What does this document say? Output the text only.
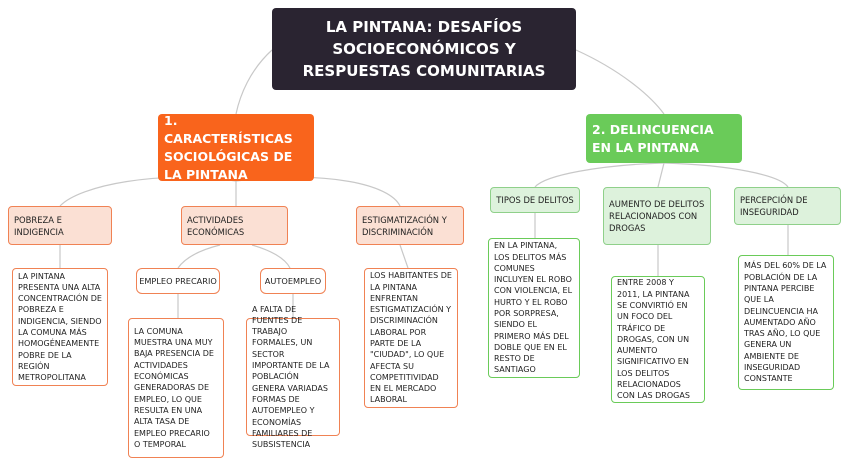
LA PINTANA: DESAFÍOS SOCIOECONÓMICOS Y RESPUESTAS COMUNITARIAS
1. CARACTERÍSTICAS SOCIOLÓGICAS DE LA PINTANA
2. DELINCUENCIA EN LA PINTANA
POBREZA E INDIGENCIA
ACTIVIDADES ECONÓMICAS
ESTIGMATIZACIÓN Y DISCRIMINACIÓN
EMPLEO PRECARIO	AUTOEMPLEO
LA PINTANA PRESENTA UNA ALTA CONCENTRACIÓN DE POBREZA E INDIGENCIA, SIENDO LA COMUNA MÁS HOMOGÉNEAMENTE POBRE DE LA REGIÓN METROPOLITANA
LA COMUNA MUESTRA UNA MUY BAJA PRESENCIA DE ACTIVIDADES ECONÓMICAS GENERADORAS DE EMPLEO, LO QUE RESULTA EN UNA ALTA TASA DE EMPLEO PRECARIO O TEMPORAL
A FALTA DE FUENTES DE TRABAJO FORMALES, UN SECTOR IMPORTANTE DE LA POBLACIÓN GENERA VARIADAS FORMAS DE AUTOEMPLEO Y ECONOMÍAS FAMILIARES DE SUBSISTENCIA
LOS HABITANTES DE LA PINTANA ENFRENTAN ESTIGMATIZACIÓN Y DISCRIMINACIÓN LABORAL POR PARTE DE LA "CIUDAD", LO QUE AFECTA SU COMPETITIVIDAD EN EL MERCADO LABORAL
TIPOS DE DELITOS	AUMENTO DE DELITOS RELACIONADOS CON DROGAS
PERCEPCIÓN DE INSEGURIDAD
EN LA PINTANA, LOS DELITOS MÁS COMUNES INCLUYEN EL ROBO CON VIOLENCIA, EL HURTO Y EL ROBO POR SORPRESA, SIENDO EL PRIMERO MÁS DEL DOBLE QUE EN EL RESTO DE SANTIAGO
ENTRE 2008 Y 2011, LA PINTANA SE CONVIRTIÓ EN UN FOCO DEL TRÁFICO DE DROGAS, CON UN AUMENTO SIGNIFICATIVO EN LOS DELITOS RELACIONADOS CON LAS DROGAS
MÁS DEL 60% DE LA POBLACIÓN DE LA PINTANA PERCIBE QUE LA DELINCUENCIA HA AUMENTADO AÑO TRAS AÑO, LO QUE GENERA UN AMBIENTE DE INSEGURIDAD CONSTANTE
